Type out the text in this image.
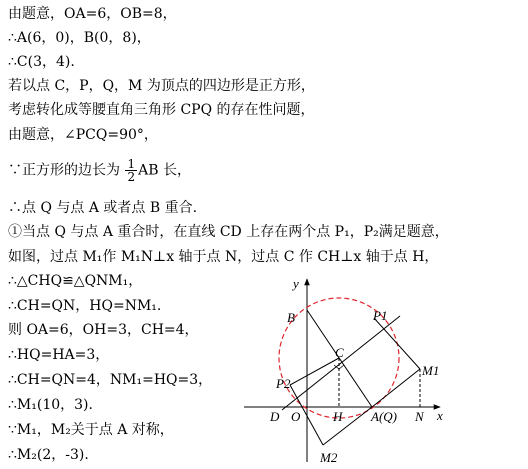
由题意，OA=6，OB=8，
∴A(6，0)，B(0，8)，
∴C(3，4).
若以点 C，P，Q，M 为顶点的四边形是正方形，
考虑转化成等腰直角三角形 CPQ 的存在性问题，
由题意，∠PCQ=90°，
∵正方形的边长为 $\frac{1}{2}$ AB 长，
∴点 Q 与点 A 或者点 B 重合.
①当点 Q 与点 A 重合时，在直线 CD 上存在两个点 P₁，P₂满足题意，
如图，过点 M₁作 M₁N⊥x 轴于点 N，过点 C 作 CH⊥x 轴于点 H，
∴△CHQ≌△QNM₁，
∴CH=QN，HQ=NM₁.
则 OA=6，OH=3，CH=4，
∴HQ=HA=3，
∴CH=QN=4，NM₁=HQ=3，
∴M₁(10，3).
∵M₁，M₂关于点 A 对称，
∴M₂(2，-3).
y
x
B	P1
C
M1
P2
D O	H A(Q) N
M2
